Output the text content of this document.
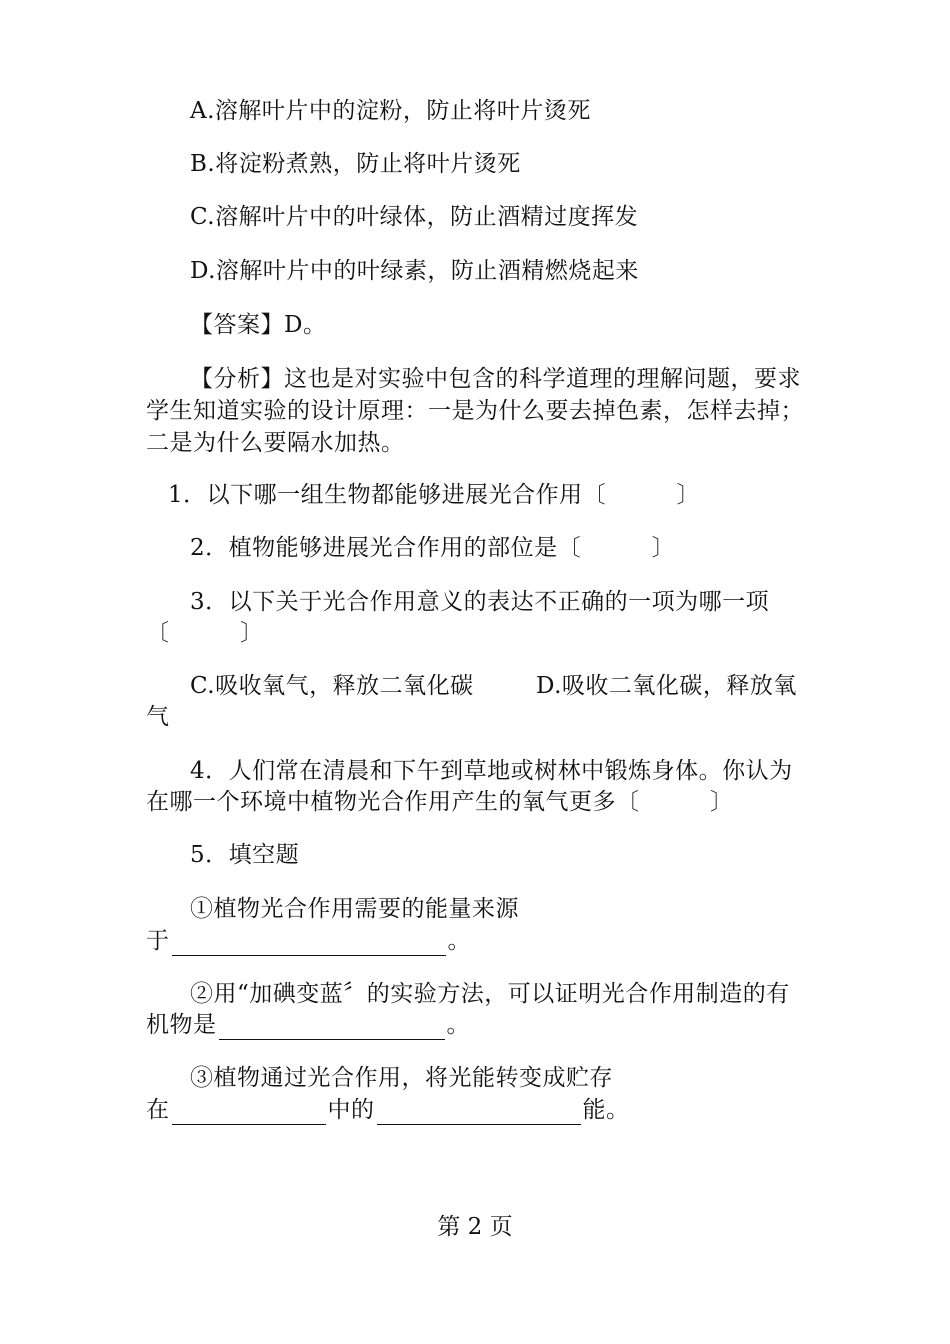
A.溶解叶片中的淀粉，防止将叶片烫死
B.将淀粉煮熟，防止将叶片烫死
C.溶解叶片中的叶绿体，防止酒精过度挥发
D.溶解叶片中的叶绿素，防止酒精燃烧起来
【答案】D。
【分析】这也是对实验中包含的科学道理的理解问题，要求
学生知道实验的设计原理：一是为什么要去掉色素，怎样去掉；
二是为什么要隔水加热。
1．以下哪一组生物都能够进展光合作用〔　　　〕
2．植物能够进展光合作用的部位是〔　　　〕
3．以下关于光合作用意义的表达不正确的一项为哪一项
〔　　　〕
C.吸收氧气，释放二氧化碳	D.吸收二氧化碳，释放氧
气
4．人们常在清晨和下午到草地或树林中锻炼身体。你认为
在哪一个环境中植物光合作用产生的氧气更多〔　　　〕
5．填空题
①植物光合作用需要的能量来源
于	。
②用“加碘变蓝〞的实验方法，可以证明光合作用制造的有
机物是	。
③植物通过光合作用，将光能转变成贮存
在	中的	能。
第 2 页
